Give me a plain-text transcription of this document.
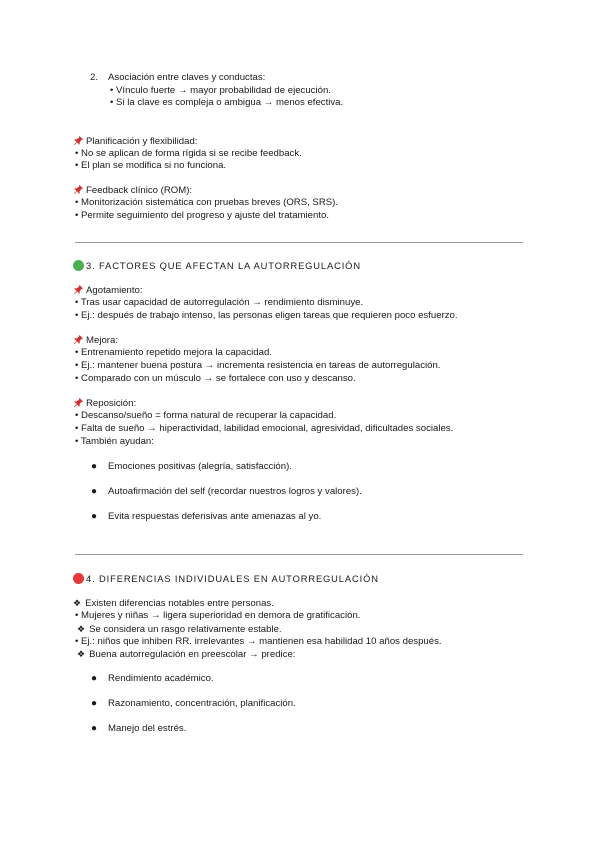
2. Asociación entre claves y conductas:
• Vínculo fuerte → mayor probabilidad de ejecución.
• Si la clave es compleja o ambigua → menos efectiva.
Planificación y flexibilidad:
• No se aplican de forma rígida si se recibe feedback.
• El plan se modifica si no funciona.
Feedback clínico (ROM):
• Monitorización sistemática con pruebas breves (ORS, SRS).
• Permite seguimiento del progreso y ajuste del tratamiento.
3. FACTORES QUE AFECTAN LA AUTORREGULACIÓN
Agotamiento:
• Tras usar capacidad de autorregulación → rendimiento disminuye.
• Ej.: después de trabajo intenso, las personas eligen tareas que requieren poco esfuerzo.
Mejora:
• Entrenamiento repetido mejora la capacidad.
• Ej.: mantener buena postura → incrementa resistencia en tareas de autorregulación.
• Comparado con un músculo → se fortalece con uso y descanso.
Reposición:
• Descanso/sueño = forma natural de recuperar la capacidad.
• Falta de sueño → hiperactividad, labilidad emocional, agresividad, dificultades sociales.
• También ayudan:
● Emociones positivas (alegría, satisfacción).
● Autoafirmación del self (recordar nuestros logros y valores).
● Evita respuestas defensivas ante amenazas al yo.
4. DIFERENCIAS INDIVIDUALES EN AUTORREGULACIÓN
❖ Existen diferencias notables entre personas.
• Mujeres y niñas → ligera superioridad en demora de gratificación.
❖ Se considera un rasgo relativamente estable.
• Ej.: niños que inhiben RR. irrelevantes → mantienen esa habilidad 10 años después.
❖ Buena autorregulación en preescolar → predice:
● Rendimiento académico.
● Razonamiento, concentración, planificación.
● Manejo del estrés.
